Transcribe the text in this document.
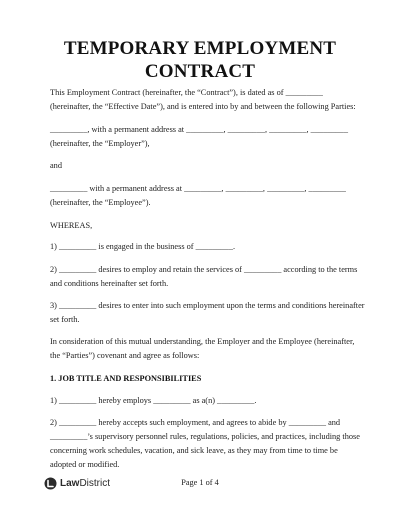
TEMPORARY EMPLOYMENT
CONTRACT
This Employment Contract (hereinafter, the “Contract”), is dated as of _________
(hereinafter, the “Effective Date”), and is entered into by and between the following Parties:
_________, with a permanent address at _________, _________, _________, _________
(hereinafter, the “Employer”),
and
_________ with a permanent address at _________, _________, _________, _________
(hereinafter, the “Employee”).
WHEREAS,
1) _________ is engaged in the business of _________.
2) _________ desires to employ and retain the services of _________ according to the terms
and conditions hereinafter set forth.
3) _________ desires to enter into such employment upon the terms and conditions hereinafter
set forth.
In consideration of this mutual understanding, the Employer and the Employee (hereinafter,
the “Parties”) covenant and agree as follows:
1. JOB TITLE AND RESPONSIBILITIES
1) _________ hereby employs _________ as a(n) _________.
2) _________ hereby accepts such employment, and agrees to abide by _________ and
_________’s supervisory personnel rules, regulations, policies, and practices, including those
concerning work schedules, vacation, and sick leave, as they may from time to time be
adopted or modified.
LawDistrict	Page 1 of 4
